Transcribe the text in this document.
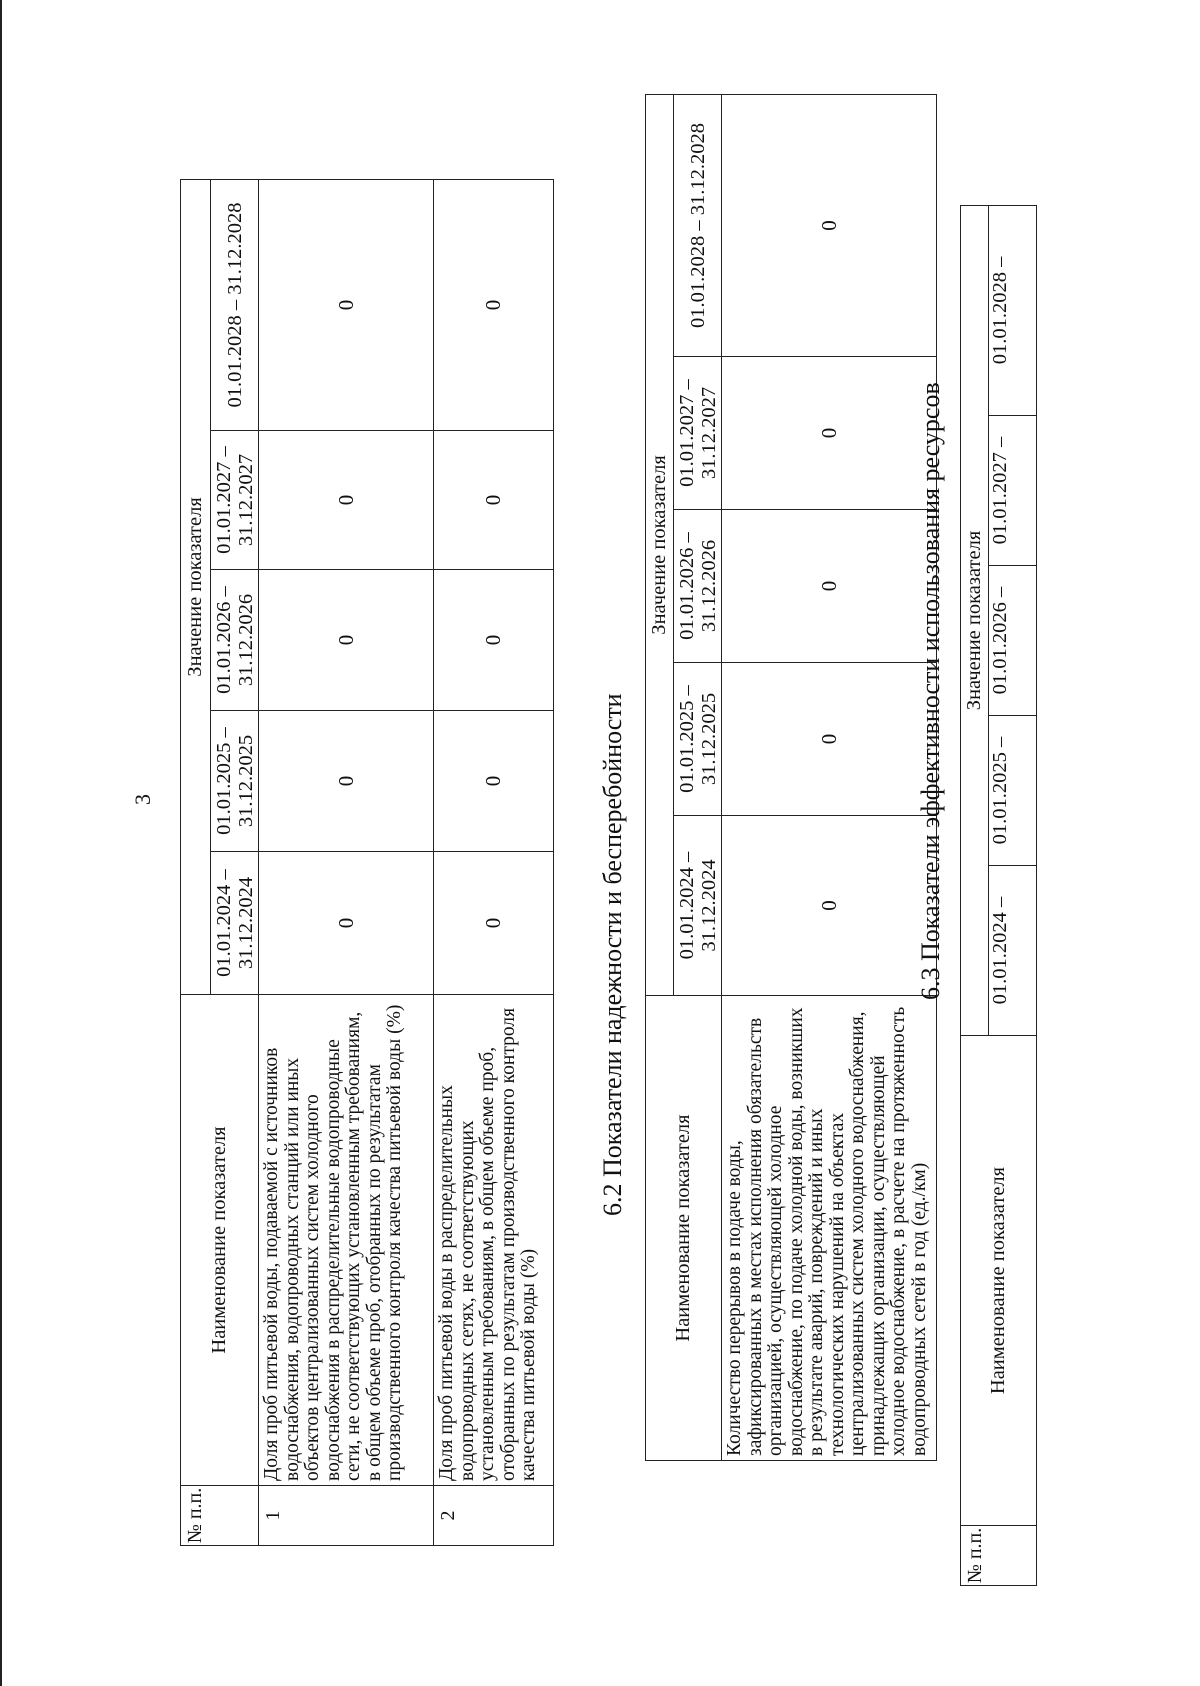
3
№ п.п.	Наименование показателя	Значение показателя				
		01.01.2024 – 31.12.2024	01.01.2025 – 31.12.2025	01.01.2026 – 31.12.2026	01.01.2027 – 31.12.2027	01.01.2028 – 31.12.2028
1	Доля проб питьевой воды, подаваемой с источников водоснабжения, водопроводных станций или иных объектов централизованных систем холодного водоснабжения в распределительные водопроводные сети, не соответствующих установленным требованиям, в общем объеме проб, отобранных по результатам производственного контроля качества питьевой воды (%)	0	0	0	0	0
2	Доля проб питьевой воды в распределительных водопроводных сетях, не соответствующих установленным требованиям, в общем объеме проб, отобранных по результатам производственного контроля качества питьевой воды (%)	0	0	0	0	0
6.2 Показатели надежности и бесперебойности
Наименование показателя	Значение показателя				
	01.01.2024 – 31.12.2024	01.01.2025 – 31.12.2025	01.01.2026 – 31.12.2026	01.01.2027 – 31.12.2027	01.01.2028 – 31.12.2028
Количество перерывов в подаче воды, зафиксированных в местах исполнения обязательств организацией, осуществляющей холодное водоснабжение, по подаче холодной воды, возникших в результате аварий, повреждений и иных технологических нарушений на объектах централизованных систем холодного водоснабжения, принадлежащих организации, осуществляющей холодное водоснабжение, в расчете на протяженность водопроводных сетей в год (ед./км)	0	0	0	0	0
6.3 Показатели эффективности использования ресурсов
№ п.п.	Наименование показателя	Значение показателя				
		01.01.2024 –	01.01.2025 –	01.01.2026 –	01.01.2027 –	01.01.2028 –
